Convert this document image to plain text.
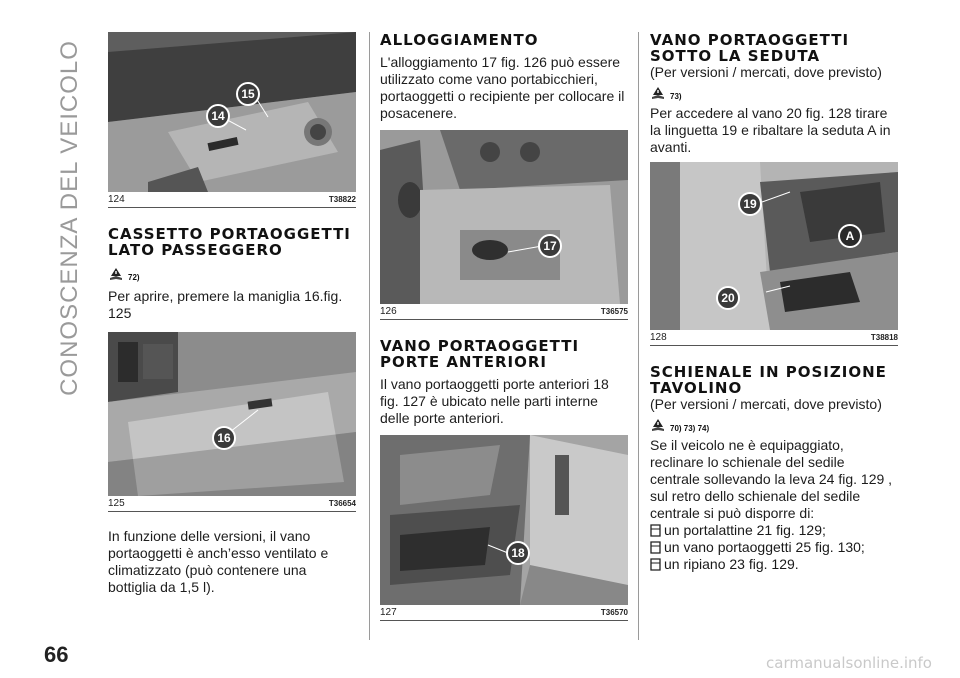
CONOSCENZA DEL VEICOLO	15
14
124	T38822
CASSETTO PORTAOGGETTI LATO PASSEGGERO
72)

Per aprire, premere la maniglia 16.fig. 125

16
125	T36654

In funzione delle versioni, il vano portaoggetti è anch’esso ventilato e climatizzato (può contenere una bottiglia da 1,5 l).

ALLOGGIAMENTO

L'alloggiamento 17 fig. 126 può essere utilizzato come vano portabicchieri, portaoggetti o recipiente per collocare il posacenere.

17
126	T36575
VANO PORTAOGGETTI PORTE ANTERIORI

Il vano portaoggetti porte anteriori 18 fig. 127 è ubicato nelle parti interne delle porte anteriori.

18
127	T36570
VANO PORTAOGGETTI SOTTO LA SEDUTA

(Per versioni / mercati, dove previsto)

73)

Per accedere al vano 20 fig. 128 tirare la linguetta 19 e ribaltare la seduta A in avanti.

19
A
20
128	T38818
SCHIENALE IN POSIZIONE TAVOLINO

(Per versioni / mercati, dove previsto)

70) 73) 74)

Se il veicolo ne è equipaggiato, reclinare lo schienale del sedile centrale sollevando la leva 24 fig. 129 , sul retro dello schienale del sedile centrale si può disporre di:

un portalattine 21 fig. 129;
un vano portaoggetti 25 fig. 130;
un ripiano 23 fig. 129.
66	carmanualsonline.info
